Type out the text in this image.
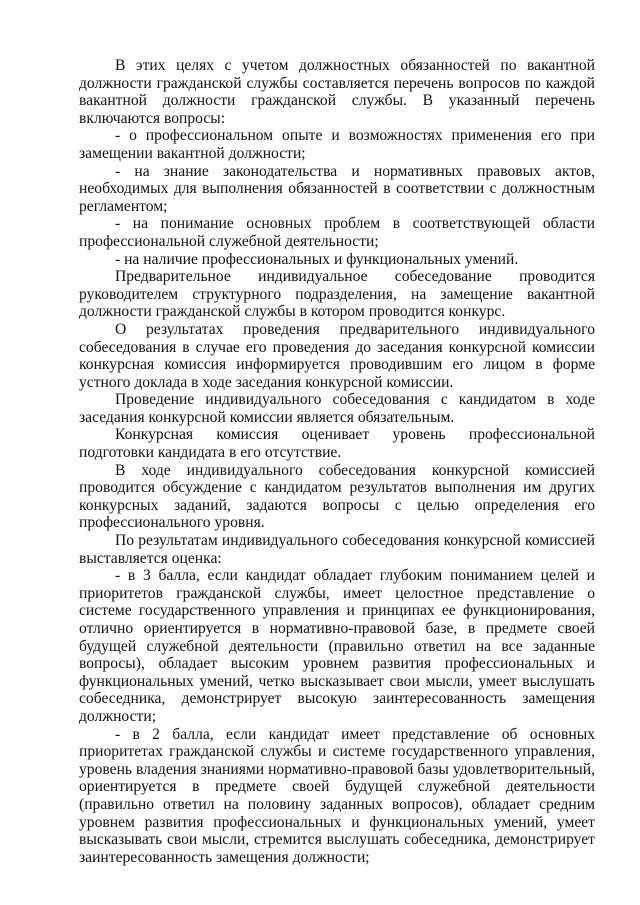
В этих целях с учетом должностных обязанностей по вакантной должности гражданской службы составляется перечень вопросов по каждой вакантной должности гражданской службы. В указанный перечень включаются вопросы:

- о профессиональном опыте и возможностях применения его при замещении вакантной должности;

- на знание законодательства и нормативных правовых актов, необходимых для выполнения обязанностей в соответствии с должностным регламентом;

- на понимание основных проблем в соответствующей области профессиональной служебной деятельности;

- на наличие профессиональных и функциональных умений.

Предварительное индивидуальное собеседование проводится руководителем структурного подразделения, на замещение вакантной должности гражданской службы в котором проводится конкурс.

О результатах проведения предварительного индивидуального собеседования в случае его проведения до заседания конкурсной комиссии конкурсная комиссия информируется проводившим его лицом в форме устного доклада в ходе заседания конкурсной комиссии.

Проведение индивидуального собеседования с кандидатом в ходе заседания конкурсной комиссии является обязательным.

Конкурсная комиссия оценивает уровень профессиональной подготовки кандидата в его отсутствие.

В ходе индивидуального собеседования конкурсной комиссией проводится обсуждение с кандидатом результатов выполнения им других конкурсных заданий, задаются вопросы с целью определения его профессионального уровня.

По результатам индивидуального собеседования конкурсной комиссией выставляется оценка:

- в 3 балла, если кандидат обладает глубоким пониманием целей и приоритетов гражданской службы, имеет целостное представление о системе государственного управления и принципах ее функционирования, отлично ориентируется в нормативно-правовой базе, в предмете своей будущей служебной деятельности (правильно ответил на все заданные вопросы), обладает высоким уровнем развития профессиональных и функциональных умений, четко высказывает свои мысли, умеет выслушать собеседника, демонстрирует высокую заинтересованность замещения должности;

- в 2 балла, если кандидат имеет представление об основных приоритетах гражданской службы и системе государственного управления, уровень владения знаниями нормативно-правовой базы удовлетворительный, ориентируется в предмете своей будущей служебной деятельности (правильно ответил на половину заданных вопросов), обладает средним уровнем развития профессиональных и функциональных умений, умеет высказывать свои мысли, стремится выслушать собеседника, демонстрирует заинтересованность замещения должности;
